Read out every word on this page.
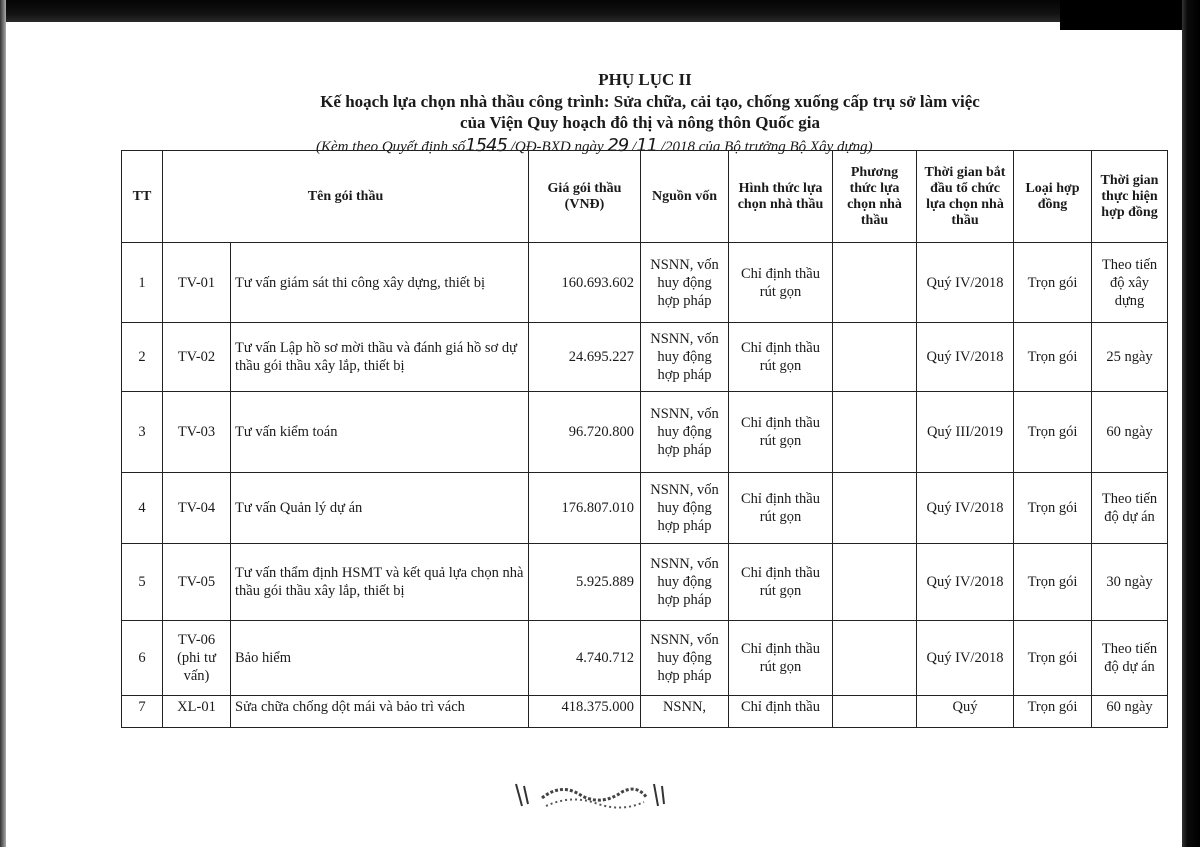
PHỤ LỤC II
Kế hoạch lựa chọn nhà thầu công trình: Sửa chữa, cải tạo, chống xuống cấp trụ sở làm việc
của Viện Quy hoạch đô thị và nông thôn Quốc gia
(Kèm theo Quyết định số1545 /QĐ-BXD ngày 29 /11 /2018 của Bộ trưởng Bộ Xây dựng)
TT	Tên gói thầu		Giá gói thầu (VNĐ)	Nguồn vốn	Hình thức lựa chọn nhà thầu	Phương thức lựa chọn nhà thầu	Thời gian bắt đầu tổ chức lựa chọn nhà thầu	Loại hợp đồng	Thời gian thực hiện hợp đồng
1	TV-01	Tư vấn giám sát thi công xây dựng, thiết bị	160.693.602	NSNN, vốn huy động hợp pháp	Chỉ định thầu rút gọn		Quý IV/2018	Trọn gói	Theo tiến độ xây dựng
2	TV-02	Tư vấn Lập hồ sơ mời thầu và đánh giá hồ sơ dự thầu gói thầu xây lắp, thiết bị	24.695.227	NSNN, vốn huy động hợp pháp	Chỉ định thầu rút gọn		Quý IV/2018	Trọn gói	25 ngày
3	TV-03	Tư vấn kiểm toán	96.720.800	NSNN, vốn huy động hợp pháp	Chỉ định thầu rút gọn		Quý III/2019	Trọn gói	60 ngày
4	TV-04	Tư vấn Quản lý dự án	176.807.010	NSNN, vốn huy động hợp pháp	Chỉ định thầu rút gọn		Quý IV/2018	Trọn gói	Theo tiến độ dự án
5	TV-05	Tư vấn thẩm định HSMT và kết quả lựa chọn nhà thầu gói thầu xây lắp, thiết bị	5.925.889	NSNN, vốn huy động hợp pháp	Chỉ định thầu rút gọn		Quý IV/2018	Trọn gói	30 ngày
6	TV-06 (phi tư vấn)	Bảo hiểm	4.740.712	NSNN, vốn huy động hợp pháp	Chỉ định thầu rút gọn		Quý IV/2018	Trọn gói	Theo tiến độ dự án

7	XL-01	Sửa chữa chống dột mái và bảo trì vách	418.375.000	NSNN,	Chỉ định thầu		Quý	Trọn gói	60 ngày
